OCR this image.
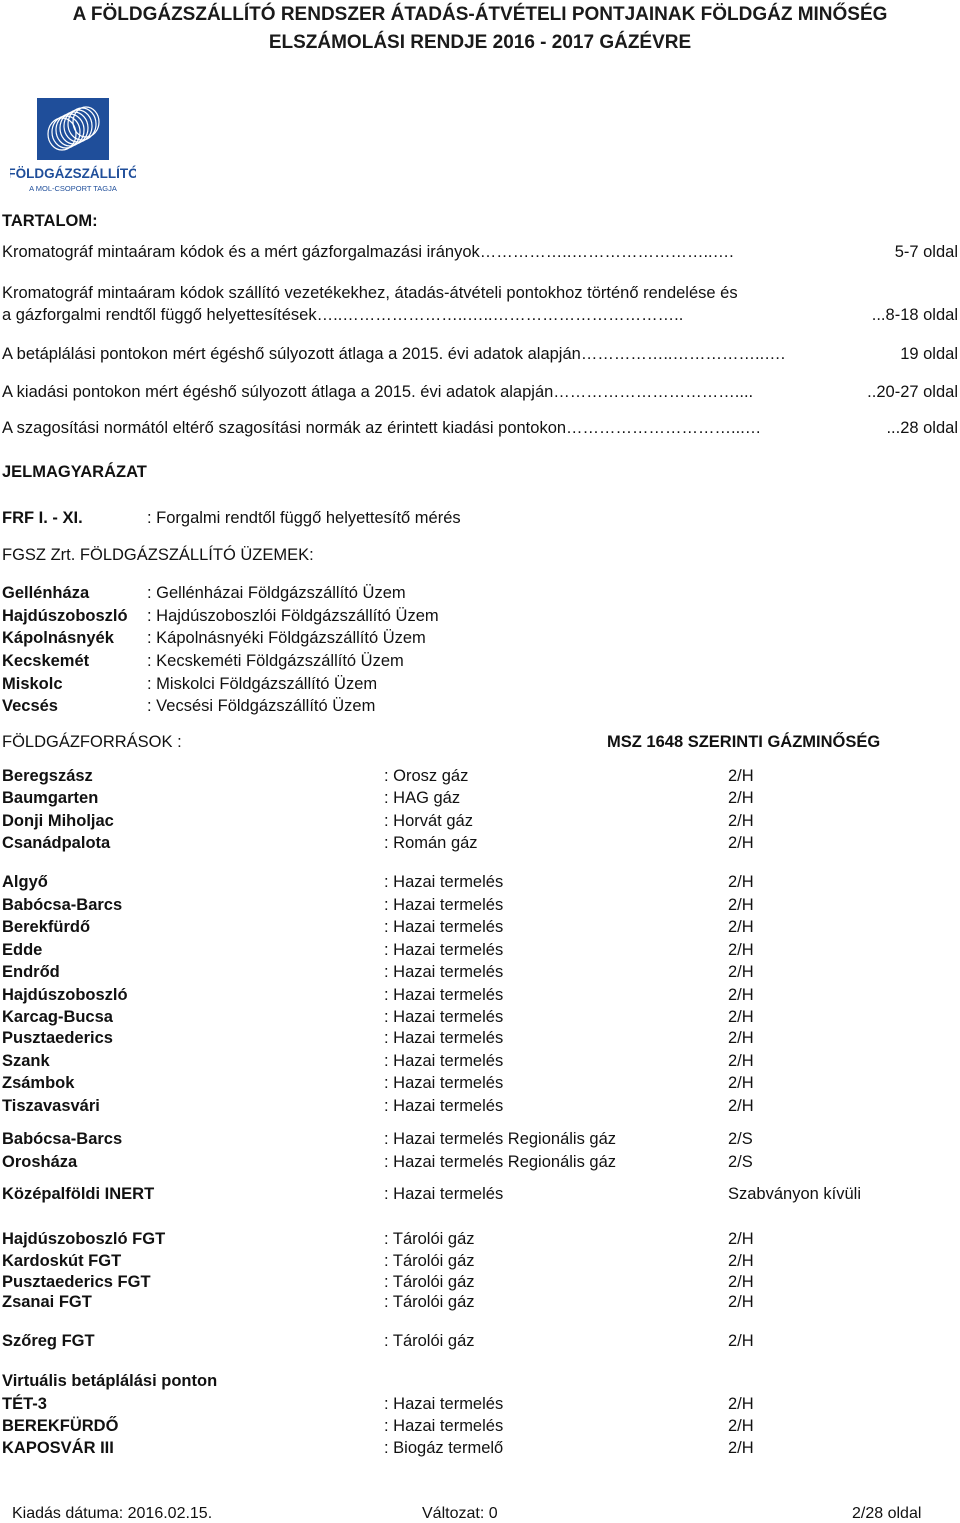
A FÖLDGÁZSZÁLLÍTÓ RENDSZER ÁTADÁS-ÁTVÉTELI PONTJAINAK FÖLDGÁZ MINŐSÉG
ELSZÁMOLÁSI RENDJE 2016 - 2017 GÁZÉVRE
FÖLDGÁZSZÁLLÍTÓ
A MOL-CSOPORT TAGJA
TARTALOM:
Kromatográf mintaáram kódok és a mért gázforgalmazási irányok……………..……………………..….	5-7 oldal
Kromatográf mintaáram kódok szállító vezetékekhez, átadás-átvételi pontokhoz történő rendelése és
a gázforgalmi rendtől függő helyettesítések…..…………………..…..……………………………..	...8-18 oldal
A betáplálási pontokon mért égéshő súlyozott átlaga a 2015. évi adatok alapján……………..……………..….	19 oldal
A kiadási pontokon mért égéshő súlyozott átlaga a 2015. évi adatok alapján……………………………....	..20-27 oldal
A szagosítási normától eltérő szagosítási normák az érintett kiadási pontokon…………………………...…	...28 oldal
JELMAGYARÁZAT
FRF I. - XI.	: Forgalmi rendtől függő helyettesítő mérés
FGSZ Zrt. FÖLDGÁZSZÁLLÍTÓ ÜZEMEK:
Gellénháza	: Gellénházai Földgázszállító Üzem
Hajdúszoboszló : Hajdúszoboszlói Földgázszállító Üzem
Kápolnásnyék : Kápolnásnyéki Földgázszállító Üzem
Kecskemét	: Kecskeméti Földgázszállító Üzem
Miskolc	: Miskolci Földgázszállító Üzem
Vecsés	: Vecsési Földgázszállító Üzem
FÖLDGÁZFORRÁSOK :	MSZ 1648 SZERINTI GÁZMINŐSÉG
Beregszász	: Orosz gáz	2/H
Baumgarten	: HAG gáz	2/H
Donji Miholjac	: Horvát gáz	2/H
Csanádpalota	: Román gáz	2/H
Algyő	: Hazai termelés	2/H
Babócsa-Barcs	: Hazai termelés	2/H
Berekfürdő	: Hazai termelés	2/H
Edde	: Hazai termelés	2/H
Endrőd	: Hazai termelés	2/H
Hajdúszoboszló	: Hazai termelés	2/H
Karcag-Bucsa	: Hazai termelés	2/H
Pusztaederics	: Hazai termelés	2/H
Szank	: Hazai termelés	2/H
Zsámbok	: Hazai termelés	2/H
Tiszavasvári	: Hazai termelés	2/H
Babócsa-Barcs	: Hazai termelés Regionális gáz	2/S
Orosháza	: Hazai termelés Regionális gáz	2/S
Középalföldi INERT	: Hazai termelés	Szabványon kívüli
Hajdúszoboszló FGT	: Tárolói gáz	2/H
Kardoskút FGT	: Tárolói gáz	2/H
Pusztaederics FGT	: Tárolói gáz	2/H
Zsanai FGT	: Tárolói gáz	2/H
Szőreg FGT	: Tárolói gáz	2/H
Virtuális betáplálási ponton
TÉT-3	: Hazai termelés	2/H
BEREKFÜRDŐ	: Hazai termelés	2/H
KAPOSVÁR III	: Biogáz termelő	2/H
Kiadás dátuma: 2016.02.15.	Változat: 0	2/28 oldal
